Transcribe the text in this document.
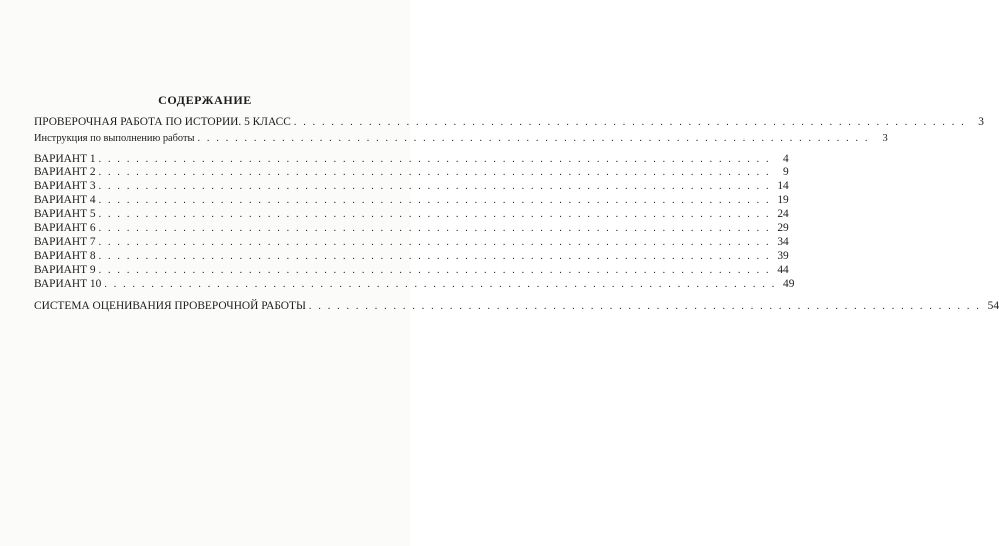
СОДЕРЖАНИЕ
ПРОВЕРОЧНАЯ РАБОТА ПО ИСТОРИИ. 5 КЛАСС . . . . . . . . . . . . . . . . . . . . . . . . . . . . . . . . . . . . . . . . . . . . . . . . . . . . . . . . . . . . . . . . . . . . . . . .	3
Инструкция по выполнению работы . . . . . . . . . . . . . . . . . . . . . . . . . . . . . . . . . . . . . . . . . . . . . . . . . . . . . . . . . . . . . . . . . . . . . . . .	3
ВАРИАНТ 1 . . . . . . . . . . . . . . . . . . . . . . . . . . . . . . . . . . . . . . . . . . . . . . . . . . . . . . . . . . . . . . . . . . . . . . . .	4
ВАРИАНТ 2 . . . . . . . . . . . . . . . . . . . . . . . . . . . . . . . . . . . . . . . . . . . . . . . . . . . . . . . . . . . . . . . . . . . . . . . .	9
ВАРИАНТ 3 . . . . . . . . . . . . . . . . . . . . . . . . . . . . . . . . . . . . . . . . . . . . . . . . . . . . . . . . . . . . . . . . . . . . . . . . 14
ВАРИАНТ 4 . . . . . . . . . . . . . . . . . . . . . . . . . . . . . . . . . . . . . . . . . . . . . . . . . . . . . . . . . . . . . . . . . . . . . . . . 19
ВАРИАНТ 5 . . . . . . . . . . . . . . . . . . . . . . . . . . . . . . . . . . . . . . . . . . . . . . . . . . . . . . . . . . . . . . . . . . . . . . . . 24
ВАРИАНТ 6 . . . . . . . . . . . . . . . . . . . . . . . . . . . . . . . . . . . . . . . . . . . . . . . . . . . . . . . . . . . . . . . . . . . . . . . . 29
ВАРИАНТ 7 . . . . . . . . . . . . . . . . . . . . . . . . . . . . . . . . . . . . . . . . . . . . . . . . . . . . . . . . . . . . . . . . . . . . . . . . 34
ВАРИАНТ 8 . . . . . . . . . . . . . . . . . . . . . . . . . . . . . . . . . . . . . . . . . . . . . . . . . . . . . . . . . . . . . . . . . . . . . . . . 39
ВАРИАНТ 9 . . . . . . . . . . . . . . . . . . . . . . . . . . . . . . . . . . . . . . . . . . . . . . . . . . . . . . . . . . . . . . . . . . . . . . . . 44
ВАРИАНТ 10 . . . . . . . . . . . . . . . . . . . . . . . . . . . . . . . . . . . . . . . . . . . . . . . . . . . . . . . . . . . . . . . . . . . . . . . . 49
СИСТЕМА ОЦЕНИВАНИЯ ПРОВЕРОЧНОЙ РАБОТЫ . . . . . . . . . . . . . . . . . . . . . . . . . . . . . . . . . . . . . . . . . . . . . . . . . . . . . . . . . . . . . . . . . . . . . . . . 54
